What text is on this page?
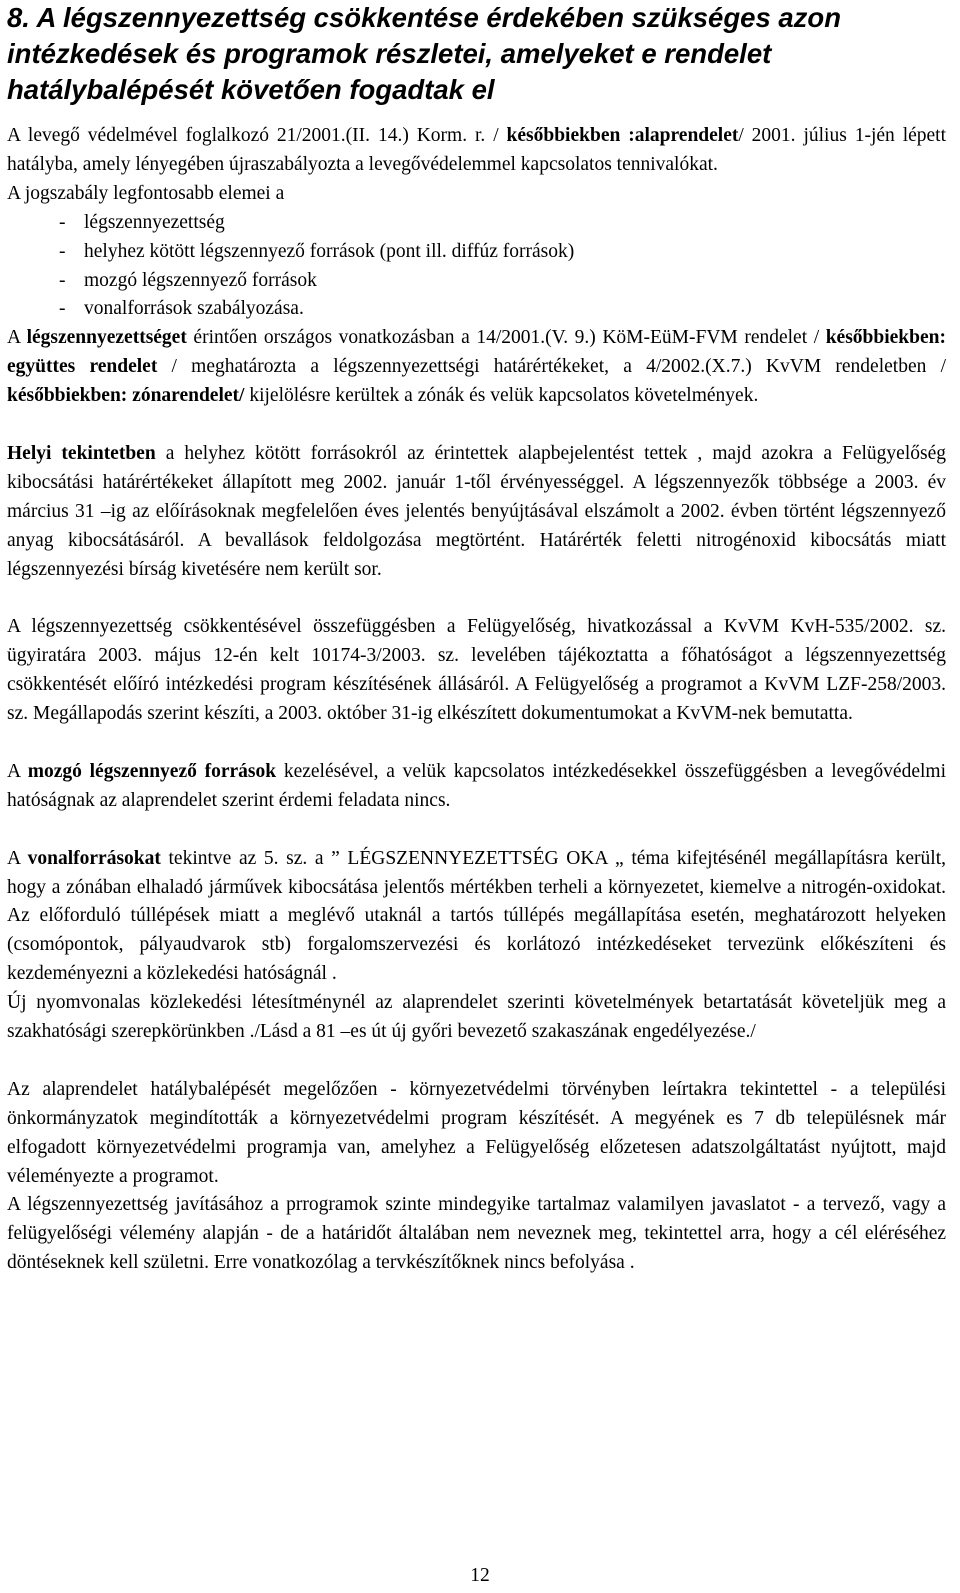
8. A légszennyezettség csökkentése érdekében szükséges azon intézkedések és programok részletei, amelyeket e rendelet hatálybalépését követően fogadtak el

A levegő védelmével foglalkozó 21/2001.(II. 14.) Korm. r. / későbbiekben :alaprendelet/ 2001. július 1-jén lépett hatályba, amely lényegében újraszabályozta a levegővédelemmel kapcsolatos tennivalókat.

A jogszabály legfontosabb elemei a

- légszennyezettség
- helyhez kötött légszennyező források (pont ill. diffúz források)
- mozgó légszennyező források
- vonalforrások szabályozása.

A légszennyezettséget érintően országos vonatkozásban a 14/2001.(V. 9.) KöM-EüM-FVM rendelet / későbbiekben: együttes rendelet / meghatározta a légszennyezettségi határértékeket, a 4/2002.(X.7.) KvVM rendeletben / későbbiekben: zónarendelet/ kijelölésre kerültek a zónák és velük kapcsolatos követelmények.

Helyi tekintetben a helyhez kötött forrásokról az érintettek alapbejelentést tettek , majd azokra a Felügyelőség kibocsátási határértékeket állapított meg 2002. január 1-től érvényességgel. A légszennyezők többsége a 2003. év március 31 –ig az előírásoknak megfelelően éves jelentés benyújtásával elszámolt a 2002. évben történt légszennyező anyag kibocsátásáról. A bevallások feldolgozása megtörtént. Határérték feletti nitrogénoxid kibocsátás miatt légszennyezési bírság kivetésére nem került sor.

A légszennyezettség csökkentésével összefüggésben a Felügyelőség, hivatkozással a KvVM KvH-535/2002. sz. ügyiratára 2003. május 12-én kelt 10174-3/2003. sz. levelében tájékoztatta a főhatóságot a légszennyezettség csökkentését előíró intézkedési program készítésének állásáról. A Felügyelőség a programot a KvVM LZF-258/2003. sz. Megállapodás szerint készíti, a 2003. október 31-ig elkészített dokumentumokat a KvVM-nek bemutatta.

A mozgó légszennyező források kezelésével, a velük kapcsolatos intézkedésekkel összefüggésben a levegővédelmi hatóságnak az alaprendelet szerint érdemi feladata nincs.

A vonalforrásokat tekintve az 5. sz. a ” LÉGSZENNYEZETTSÉG OKA „ téma kifejtésénél megállapításra került, hogy a zónában elhaladó járművek kibocsátása jelentős mértékben terheli a környezetet, kiemelve a nitrogén-oxidokat. Az előforduló túllépések miatt a meglévő utaknál a tartós túllépés megállapítása esetén, meghatározott helyeken (csomópontok, pályaudvarok stb) forgalomszervezési és korlátozó intézkedéseket tervezünk előkészíteni és kezdeményezni a közlekedési hatóságnál .

Új nyomvonalas közlekedési létesítménynél az alaprendelet szerinti követelmények betartatását követeljük meg a szakhatósági szerepkörünkben ./Lásd a 81 –es út új győri bevezető szakaszának engedélyezése./

Az alaprendelet hatálybalépését megelőzően - környezetvédelmi törvényben leírtakra tekintettel - a települési önkormányzatok megindították a környezetvédelmi program készítését. A megyének es 7 db településnek már elfogadott környezetvédelmi programja van, amelyhez a Felügyelőség előzetesen adatszolgáltatást nyújtott, majd véleményezte a programot.

A légszennyezettség javításához a prrogramok szinte mindegyike tartalmaz valamilyen javaslatot - a tervező, vagy a felügyelőségi vélemény alapján - de a határidőt általában nem neveznek meg, tekintettel arra, hogy a cél eléréséhez döntéseknek kell születni. Erre vonatkozólag a tervkészítőknek nincs befolyása .

12
